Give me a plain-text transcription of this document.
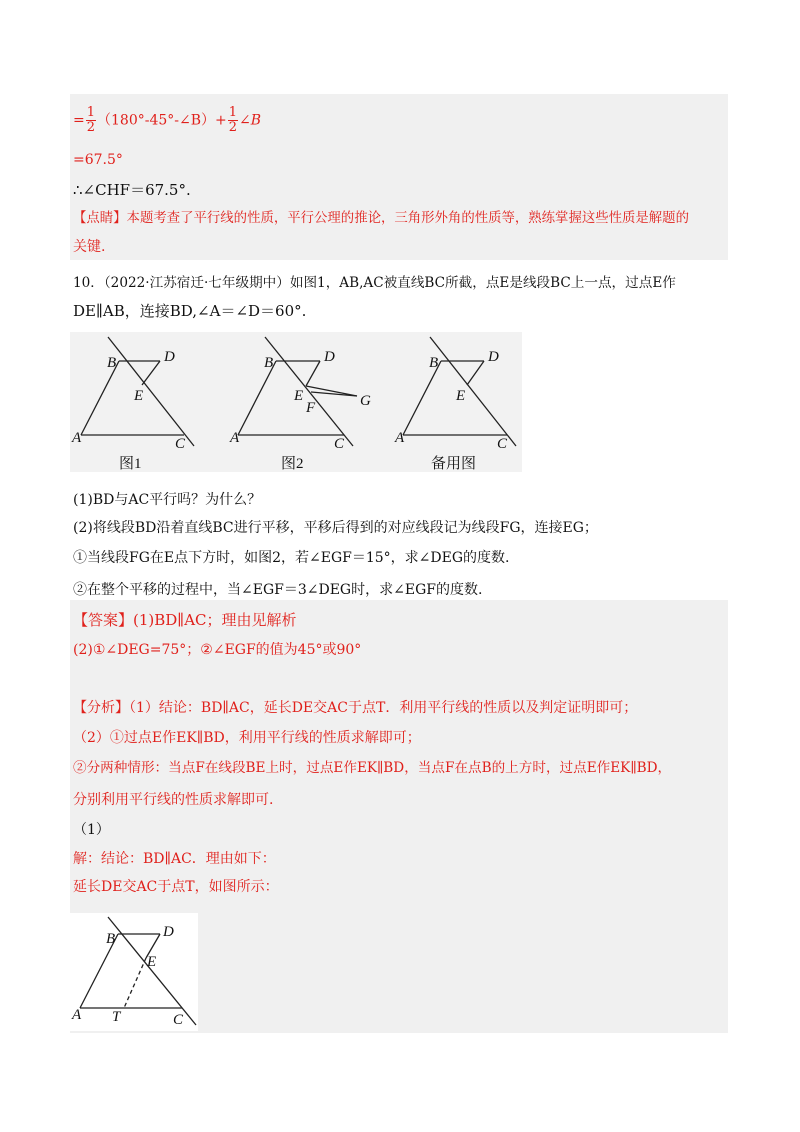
= $\frac{1}{2}$ （180°-45°-∠B）+ $\frac{1}{2}$ ∠B
=67.5°
∴∠CHF＝67.5°.
【点睛】本题考查了平行线的性质，平行公理的推论，三角形外角的性质等，熟练掌握这些性质是解题的
关键.
10．（2022·江苏宿迁·七年级期中）如图1，AB,AC被直线BC所截，点E是线段BC上一点，过点E作
DE∥AB，连接BD,∠A＝∠D＝60°.
B	D
E
A	C
图1
B	D
E
F	G
A	C
图2
B	D
E
A	C
备用图
(1)BD与AC平行吗？为什么？
(2)将线段BD沿着直线BC进行平移，平移后得到的对应线段记为线段FG，连接EG；
①当线段FG在E点下方时，如图2，若∠EGF＝15°，求∠DEG的度数.
②在整个平移的过程中，当∠EGF＝3∠DEG时，求∠EGF的度数.
【答案】(1)BD∥AC；理由见解析
(2)①∠DEG=75°；②∠EGF的值为45°或90°
【分析】（1）结论：BD∥AC，延长DE交AC于点T．利用平行线的性质以及判定证明即可；
（2）①过点E作EK∥BD，利用平行线的性质求解即可；
②分两种情形：当点F在线段BE上时，过点E作EK∥BD，当点F在点B的上方时，过点E作EK∥BD，
分别利用平行线的性质求解即可.
（1）
解：结论：BD∥AC．理由如下：
延长DE交AC于点T，如图所示：
B	D
E
A T	C
